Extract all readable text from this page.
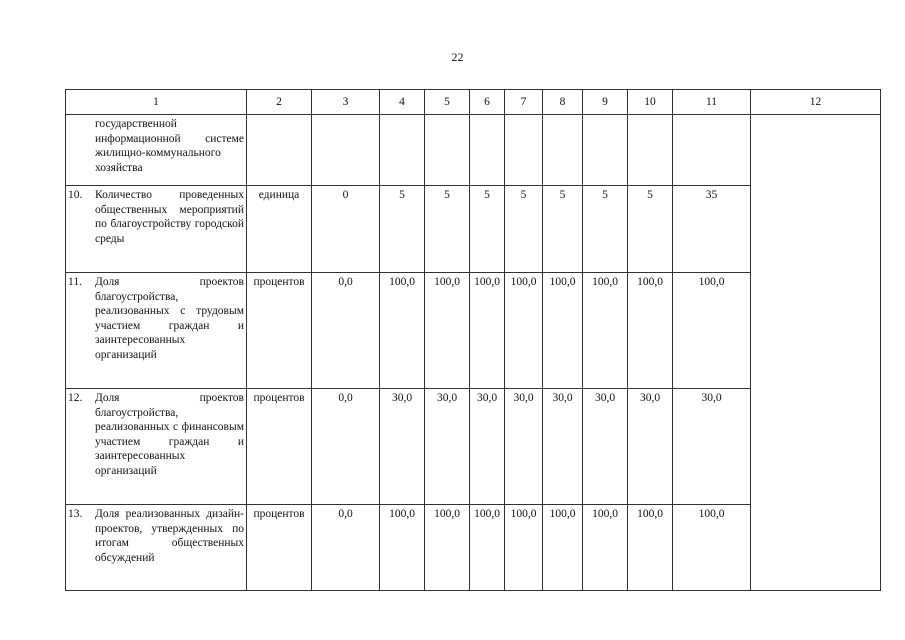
22
1	2	3	4	5	6	7	8	9	10	11	12

государственной информационной системе жилищно-коммунального хозяйства											

10. Количество проведенных общественных мероприятий по благоустройству городской среды	единица	0	5	5	5	5	5	5	5	35	

11. Доля проектов благоустройства, реализованных с трудовым участием граждан и заинтересованных организаций	процентов	0,0	100,0	100,0	100,0	100,0	100,0	100,0	100,0	100,0	

12. Доля проектов благоустройства, реализованных с финансовым участием граждан и заинтересованных организаций	процентов	0,0	30,0	30,0	30,0	30,0	30,0	30,0	30,0	30,0	

13. Доля реализованных дизайн-проектов, утвержденных по итогам общественных обсуждений	процентов	0,0	100,0	100,0	100,0	100,0	100,0	100,0	100,0	100,0	
